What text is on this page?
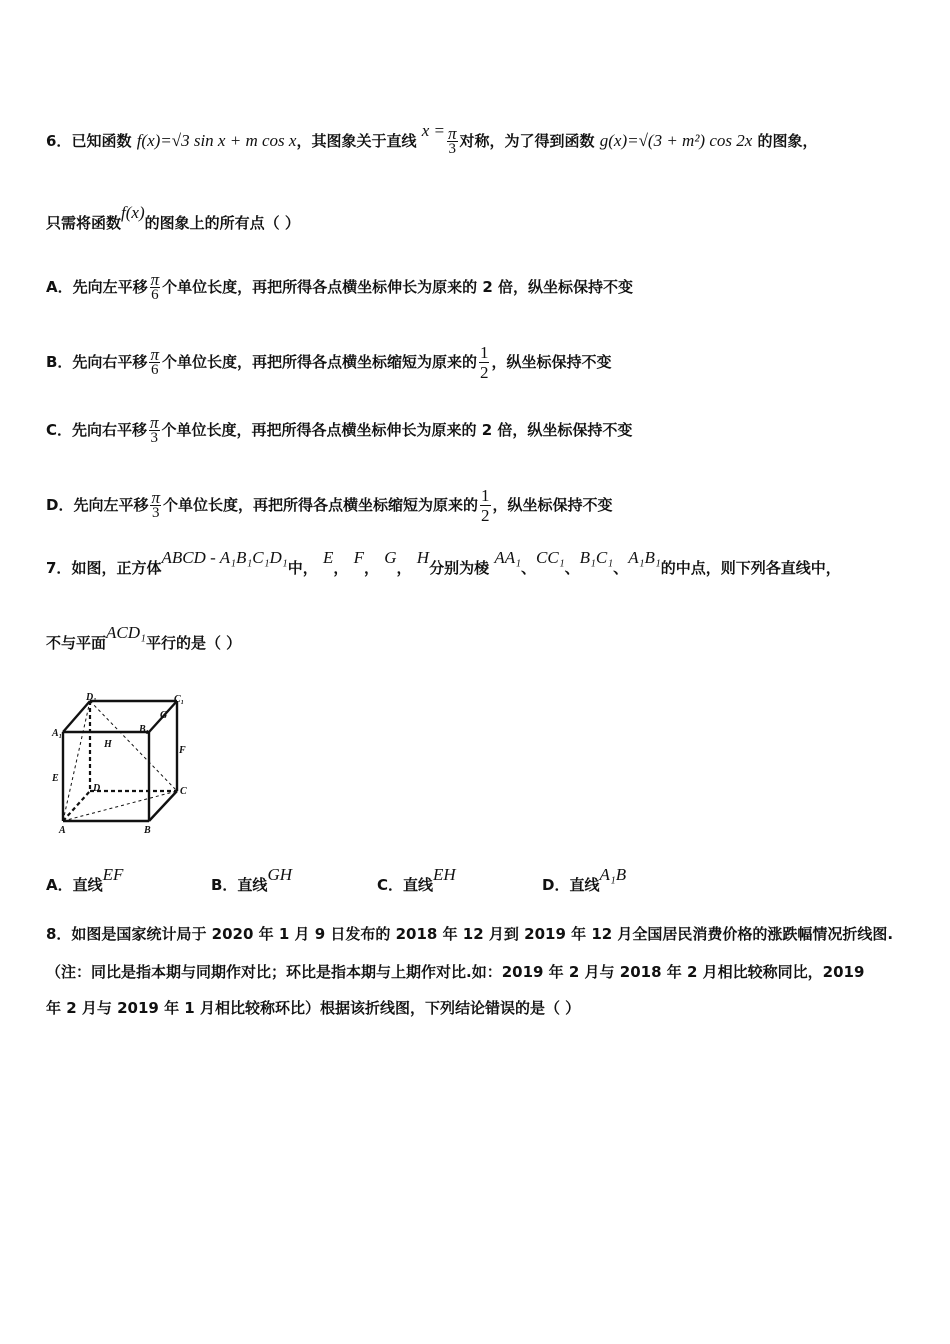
6．已知函数 f(x)=√3 sin x + m cos x，其图象关于直线 $x = \frac{\pi}{3}$ 对称，为了得到函数 g(x)=√(3 + m²) cos 2x 的图象，
只需将函数f(x)的图象上的所有点（ ）
A．先向左平移 $\frac{\pi}{6}$ 个单位长度，再把所得各点横坐标伸长为原来的 2 倍，纵坐标保持不变
B．先向右平移 $\frac{\pi}{6}$ 个单位长度，再把所得各点横坐标缩短为原来的 $\frac{1}{2}$ ，纵坐标保持不变
C．先向右平移 $\frac{\pi}{3}$ 个单位长度，再把所得各点横坐标伸长为原来的 2 倍，纵坐标保持不变
D．先向左平移 $\frac{\pi}{3}$ 个单位长度，再把所得各点横坐标缩短为原来的 $\frac{1}{2}$ ，纵坐标保持不变
7．如图，正方体ABCD - A₁B₁C₁D₁中， E， F， G， H分别为棱 AA₁、CC₁、B₁C₁、A₁B₁的中点，则下列各直线中，
不与平面ACD₁平行的是（ ）
D₁	C₁
A₁	B₁
G
H
F
E
D	C
A	B
A．直线EF
B．直线GH
C．直线EH
D．直线A₁B
8．如图是国家统计局于 2020 年 1 月 9 日发布的 2018 年 12 月到 2019 年 12 月全国居民消费价格的涨跌幅情况折线图.
（注：同比是指本期与同期作对比；环比是指本期与上期作对比.如：2019 年 2 月与 2018 年 2 月相比较称同比，2019
年 2 月与 2019 年 1 月相比较称环比）根据该折线图，下列结论错误的是（ ）
